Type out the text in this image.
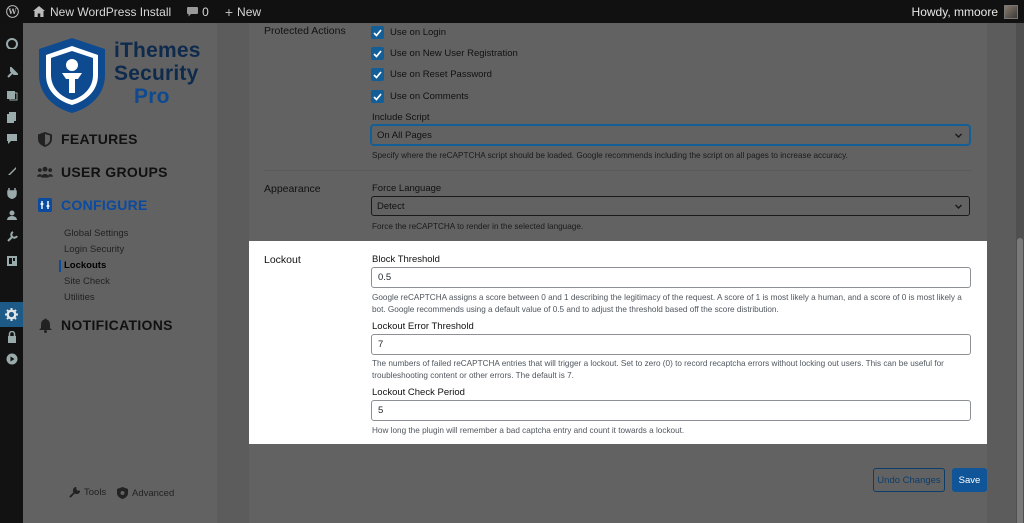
W	New WordPress Install	0 + New	Howdy, mmoore
iThemes
Security
Pro
FEATURES
USER GROUPS
CONFIGURE
Global Settings
Login Security
Lockouts
Site Check
Utilities
NOTIFICATIONS
Tools	Advanced
Protected Actions	Use on Login
Use on New User Registration
Use on Reset Password
Use on Comments
Include Script
On All Pages
Specify where the reCAPTCHA script should be loaded. Google recommends including the script on all pages to increase accuracy.
Appearance	Force Language
Detect
Force the reCAPTCHA to render in the selected language.
Lockout	Block Threshold
0.5
Google reCAPTCHA assigns a score between 0 and 1 describing the legitimacy of the request. A score of 1 is most likely a human, and a score of 0 is most likely a bot. Google recommends using a default value of 0.5 and to adjust the threshold based off the score distribution.
Lockout Error Threshold
7
The numbers of failed reCAPTCHA entries that will trigger a lockout. Set to zero (0) to record recaptcha errors without locking out users. This can be useful for troubleshooting content or other errors. The default is 7.
Lockout Check Period
5
How long the plugin will remember a bad captcha entry and count it towards a lockout.
Undo Changes	Save
